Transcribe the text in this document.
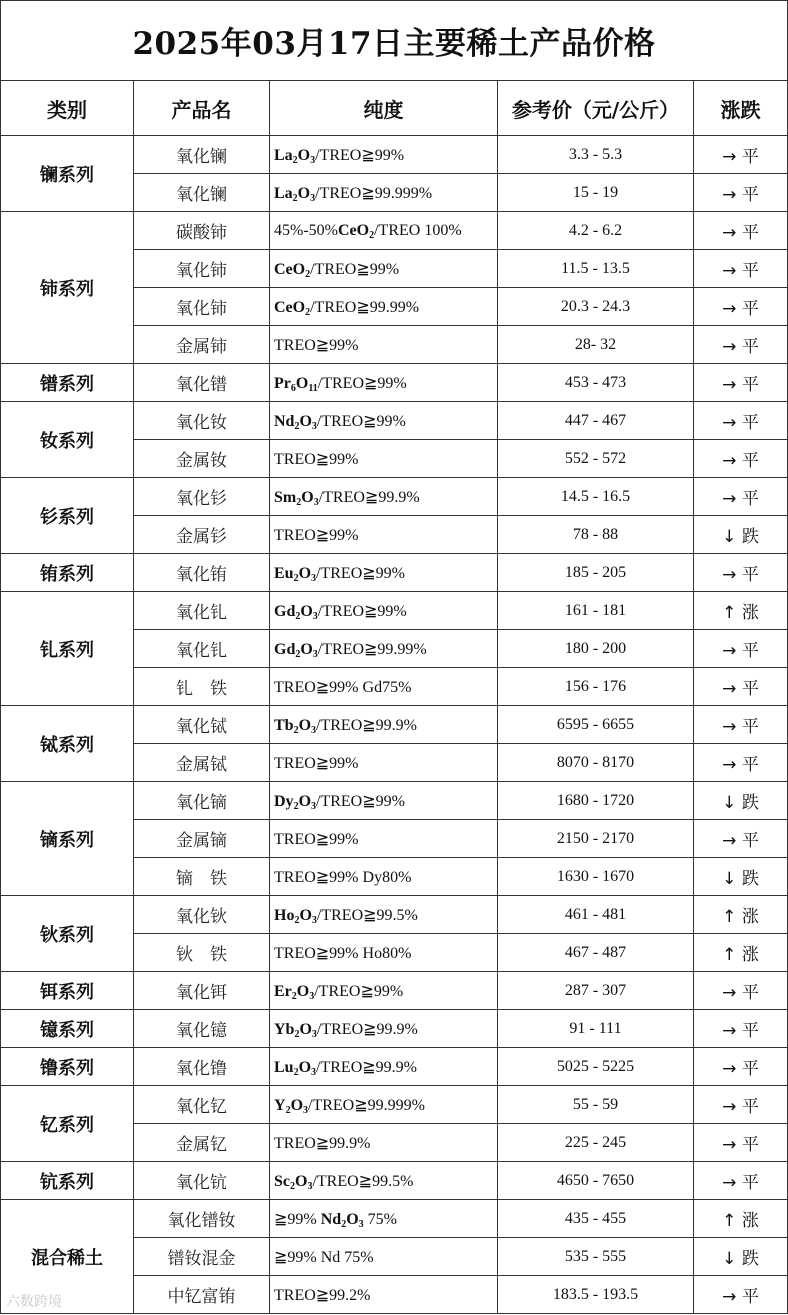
2025年03月17日主要稀土产品价格				
类别	产品名	纯度	参考价（元/公斤）	涨跌
镧系列	氧化镧	$La_2O_3/TREO≧99\%$	3.3 - 5.3	→ 平
	氧化镧	$La_2O_3/TREO≧99.999\%$	15 - 19	→ 平
铈系列	碳酸铈	45%-50%CeO$_2$/TREO 100%	4.2 - 6.2	→ 平
	氧化铈	CeO$_2$/TREO≧99%	11.5 - 13.5	→ 平
	氧化铈	CeO$_2$/TREO≧99.99%	20.3 - 24.3	→ 平
	金属铈	TREO≧99%	28- 32	→ 平
镨系列	氧化镨	$Pr_6O_{11}/TREO≧99\%$	453 - 473	→ 平
钕系列	氧化钕	$Nd_2O_3/TREO≧99\%$	447 - 467	→ 平
	金属钕	TREO≧99%	552 - 572	→ 平
钐系列	氧化钐	$Sm_2O_3/TREO≧99.9\%$	14.5 - 16.5	→ 平
	金属钐	TREO≧99%	78 - 88	↓ 跌
铕系列	氧化铕	$Eu_2O_3/TREO≧99\%$	185 - 205	→ 平
钆系列	氧化钆	$Gd_2O_3/TREO≧99\%$	161 - 181	↑ 涨
	氧化钆	$Gd_2O_3/TREO≧99.99\%$	180 - 200	→ 平
	钆　铁	TREO≧99% Gd75%	156 - 176	→ 平
铽系列	氧化铽	$Tb_2O_3/TREO≧99.9\%$	6595 - 6655	→ 平
	金属铽	TREO≧99%	8070 - 8170	→ 平
镝系列	氧化镝	$Dy_2O_3/TREO≧99\%$	1680 - 1720	↓ 跌
	金属镝	TREO≧99%	2150 - 2170	→ 平
	镝　铁	TREO≧99% Dy80%	1630 - 1670	↓ 跌
钬系列	氧化钬	$Ho_2O_3/TREO≧99.5\%$	461 - 481	↑ 涨
	钬　铁	TREO≧99% Ho80%	467 - 487	↑ 涨
铒系列	氧化铒	$Er_2O_3/TREO≧99\%$	287 - 307	→ 平
镱系列	氧化镱	$Yb_2O_3/TREO≧99.9\%$	91 - 111	→ 平
镥系列	氧化镥	$Lu_2O_3/TREO≧99.9\%$	5025 - 5225	→ 平
钇系列	氧化钇	$Y_2O_3/TREO≧99.999\%$	55 - 59	→ 平
	金属钇	TREO≧99.9%	225 - 245	→ 平
钪系列	氧化钪	$Sc_2O_3/TREO≧99.5\%$	4650 - 7650	→ 平
混合稀土	氧化镨钕	≧99% $Nd_2O_3$ 75%	435 - 455	↑ 涨
	镨钕混金	≧99% Nd 75%	535 - 555	↓ 跌
	中钇富铕	TREO≧99.2%	183.5 - 193.5	→ 平
六数跨境
